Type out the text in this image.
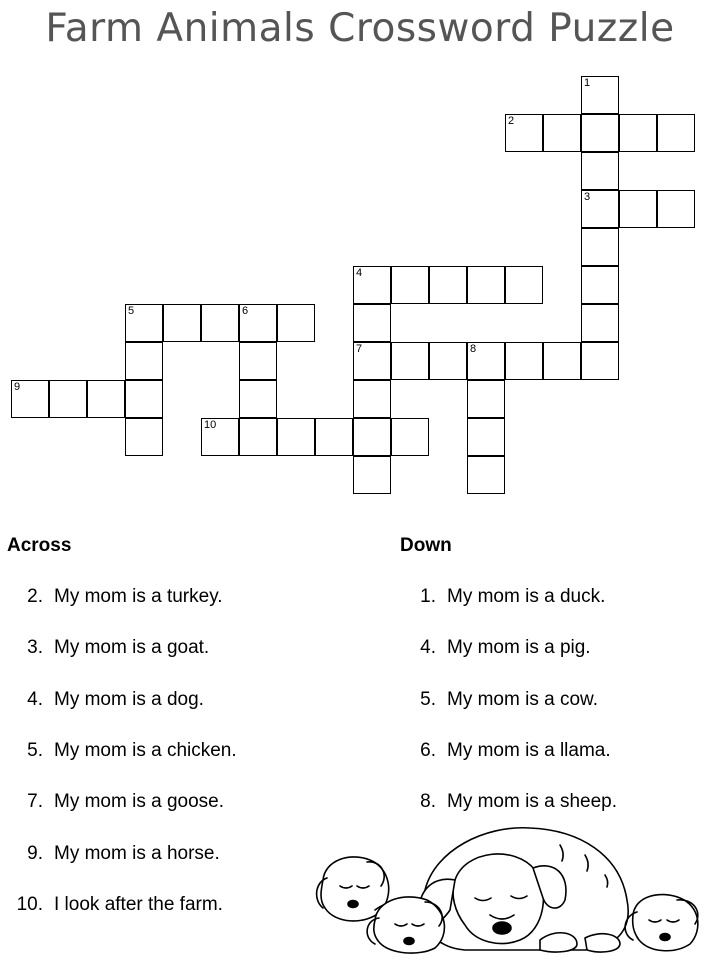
Farm Animals Crossword Puzzle
1
2
3
4
5	6
7	8
9
10
Across
2. My mom is a turkey.
3. My mom is a goat.
4. My mom is a dog.
5. My mom is a chicken.
7. My mom is a goose.
9. My mom is a horse.
10. I look after the farm.
Down
1. My mom is a duck.
4. My mom is a pig.
5. My mom is a cow.
6. My mom is a llama.
8. My mom is a sheep.
